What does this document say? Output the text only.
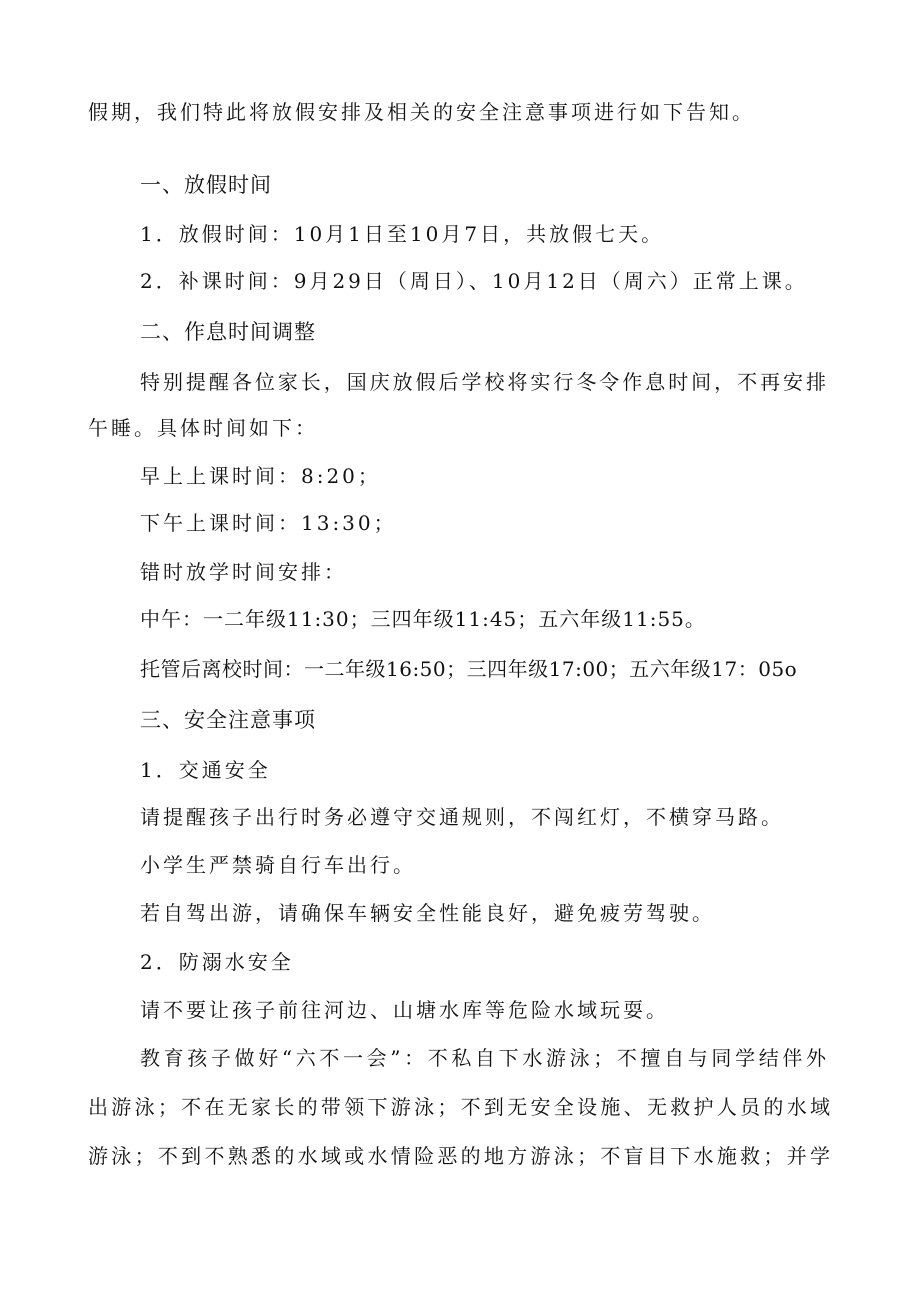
假期，我们特此将放假安排及相关的安全注意事项进行如下告知。
一、放假时间
1．放假时间：10月1日至10月7日，共放假七天。
2．补课时间：9月29日（周日）、10月12日（周六）正常上课。
二、作息时间调整
特别提醒各位家长，国庆放假后学校将实行冬令作息时间，不再安排
午睡。具体时间如下：
早上上课时间：8:20；
下午上课时间：13:30；
错时放学时间安排：
中午：一二年级11:30；三四年级11:45；五六年级11:55。
托管后离校时间：一二年级16:50；三四年级17:00；五六年级17：05o
三、安全注意事项
1．交通安全
请提醒孩子出行时务必遵守交通规则，不闯红灯，不横穿马路。
小学生严禁骑自行车出行。
若自驾出游，请确保车辆安全性能良好，避免疲劳驾驶。
2．防溺水安全
请不要让孩子前往河边、山塘水库等危险水域玩耍。
教育孩子做好“六不一会”：不私自下水游泳；不擅自与同学结伴外
出游泳；不在无家长的带领下游泳；不到无安全设施、无救护人员的水域
游泳；不到不熟悉的水域或水情险恶的地方游泳；不盲目下水施救；并学
